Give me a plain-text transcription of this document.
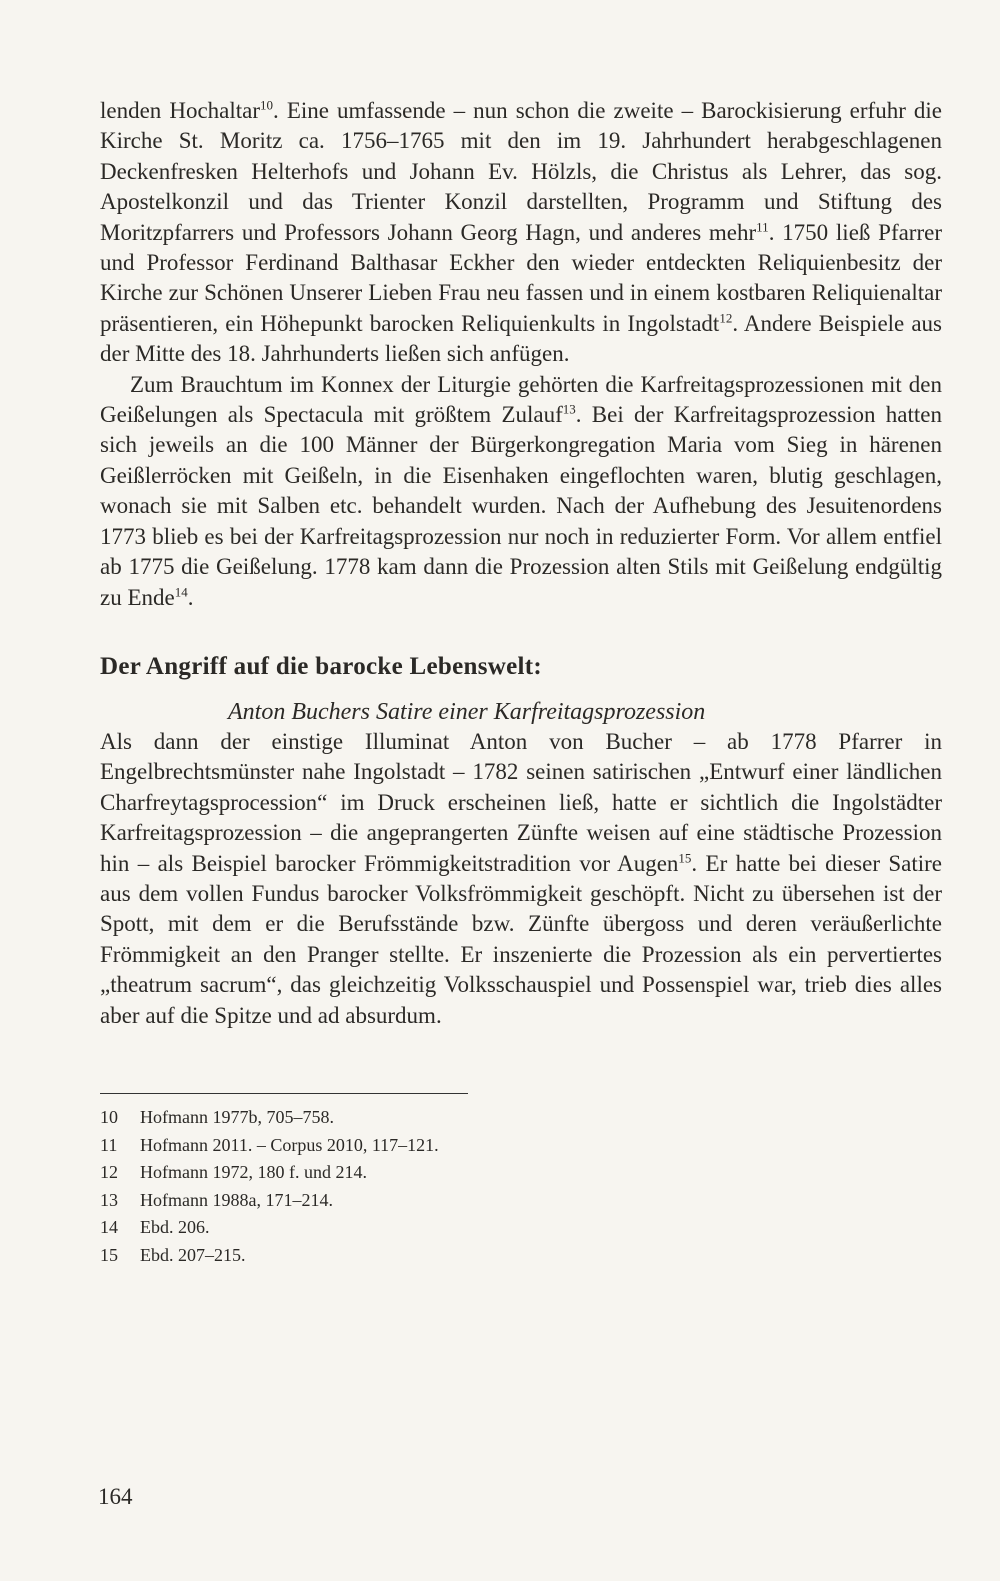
lenden Hochaltar$^{10}$. Eine umfassende – nun schon die zweite – Barockisierung erfuhr die Kirche St. Moritz ca. 1756–1765 mit den im 19. Jahrhundert herabgeschlagenen Deckenfresken Helterhofs und Johann Ev. Hölzls, die Christus als Lehrer, das sog. Apostelkonzil und das Trienter Konzil darstellten, Programm und Stiftung des Moritzpfarrers und Professors Johann Georg Hagn, und anderes mehr$^{11}$. 1750 ließ Pfarrer und Professor Ferdinand Balthasar Eckher den wieder entdeckten Reliquienbesitz der Kirche zur Schönen Unserer Lieben Frau neu fassen und in einem kostbaren Reliquienaltar präsentieren, ein Höhepunkt barocken Reliquienkults in Ingolstadt$^{12}$. Andere Beispiele aus der Mitte des 18. Jahrhunderts ließen sich anfügen.

Zum Brauchtum im Konnex der Liturgie gehörten die Karfreitagsprozessionen mit den Geißelungen als Spectacula mit größtem Zulauf$^{13}$. Bei der Karfreitagsprozession hatten sich jeweils an die 100 Männer der Bürgerkongregation Maria vom Sieg in härenen Geißlerröcken mit Geißeln, in die Eisenhaken eingeflochten waren, blutig geschlagen, wonach sie mit Salben etc. behandelt wurden. Nach der Aufhebung des Jesuitenordens 1773 blieb es bei der Karfreitagsprozession nur noch in reduzierter Form. Vor allem entfiel ab 1775 die Geißelung. 1778 kam dann die Prozession alten Stils mit Geißelung endgültig zu Ende$^{14}$.

Der Angriff auf die barocke Lebenswelt:
Anton Buchers Satire einer Karfreitagsprozession

Als dann der einstige Illuminat Anton von Bucher – ab 1778 Pfarrer in Engelbrechtsmünster nahe Ingolstadt – 1782 seinen satirischen „Entwurf einer ländlichen Charfreytagsprocession“ im Druck erscheinen ließ, hatte er sichtlich die Ingolstädter Karfreitagsprozession – die angeprangerten Zünfte weisen auf eine städtische Prozession hin – als Beispiel barocker Frömmigkeitstradition vor Augen$^{15}$. Er hatte bei dieser Satire aus dem vollen Fundus barocker Volksfrömmigkeit geschöpft. Nicht zu übersehen ist der Spott, mit dem er die Berufsstände bzw. Zünfte übergoss und deren veräußerlichte Frömmigkeit an den Pranger stellte. Er inszenierte die Prozession als ein pervertiertes „theatrum sacrum“, das gleichzeitig Volksschauspiel und Possenspiel war, trieb dies alles aber auf die Spitze und ad absurdum.

10	Hofmann 1977b, 705–758.
11	Hofmann 2011. – Corpus 2010, 117–121.
12	Hofmann 1972, 180 f. und 214.
13	Hofmann 1988a, 171–214.
14	Ebd. 206.
15	Ebd. 207–215.
164
